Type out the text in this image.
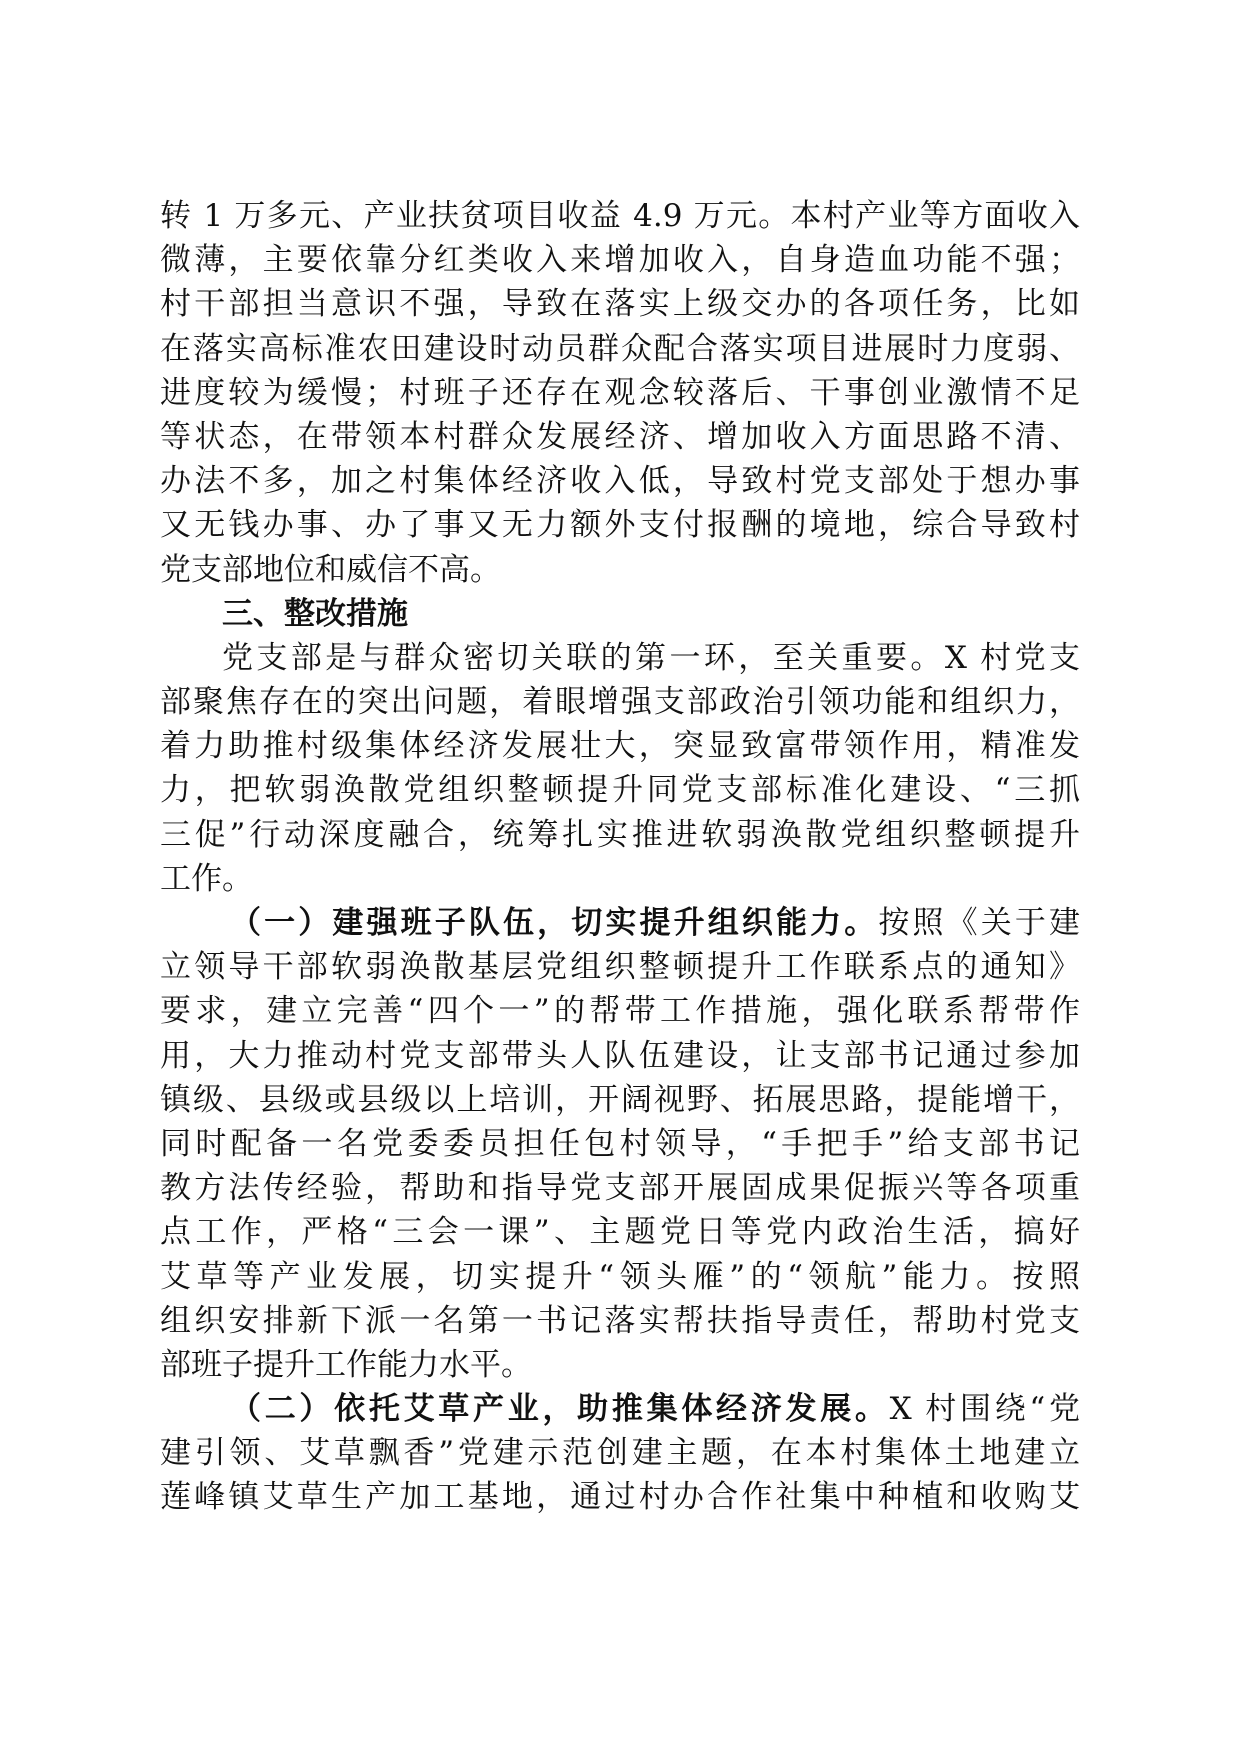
转 1 万多元、产业扶贫项目收益 4.9 万元。本村产业等方面收入
微薄，主要依靠分红类收入来增加收入，自身造血功能不强；
村干部担当意识不强，导致在落实上级交办的各项任务，比如
在落实高标准农田建设时动员群众配合落实项目进展时力度弱、
进度较为缓慢；村班子还存在观念较落后、干事创业激情不足
等状态，在带领本村群众发展经济、增加收入方面思路不清、
办法不多，加之村集体经济收入低，导致村党支部处于想办事
又无钱办事、办了事又无力额外支付报酬的境地，综合导致村
党支部地位和威信不高。
三、整改措施
党支部是与群众密切关联的第一环，至关重要。X 村党支
部聚焦存在的突出问题，着眼增强支部政治引领功能和组织力，
着力助推村级集体经济发展壮大，突显致富带领作用，精准发
力，把软弱涣散党组织整顿提升同党支部标准化建设、“三抓
三促”行动深度融合，统筹扎实推进软弱涣散党组织整顿提升
工作。
（一）建强班子队伍，切实提升组织能力。按照《关于建
立领导干部软弱涣散基层党组织整顿提升工作联系点的通知》
要求，建立完善“四个一”的帮带工作措施，强化联系帮带作
用，大力推动村党支部带头人队伍建设，让支部书记通过参加
镇级、县级或县级以上培训，开阔视野、拓展思路，提能增干，
同时配备一名党委委员担任包村领导，“手把手”给支部书记
教方法传经验，帮助和指导党支部开展固成果促振兴等各项重
点工作，严格“三会一课”、主题党日等党内政治生活，搞好
艾草等产业发展，切实提升“领头雁”的“领航”能力。按照
组织安排新下派一名第一书记落实帮扶指导责任，帮助村党支
部班子提升工作能力水平。
（二）依托艾草产业，助推集体经济发展。X 村围绕“党
建引领、艾草飘香”党建示范创建主题，在本村集体土地建立
莲峰镇艾草生产加工基地，通过村办合作社集中种植和收购艾
